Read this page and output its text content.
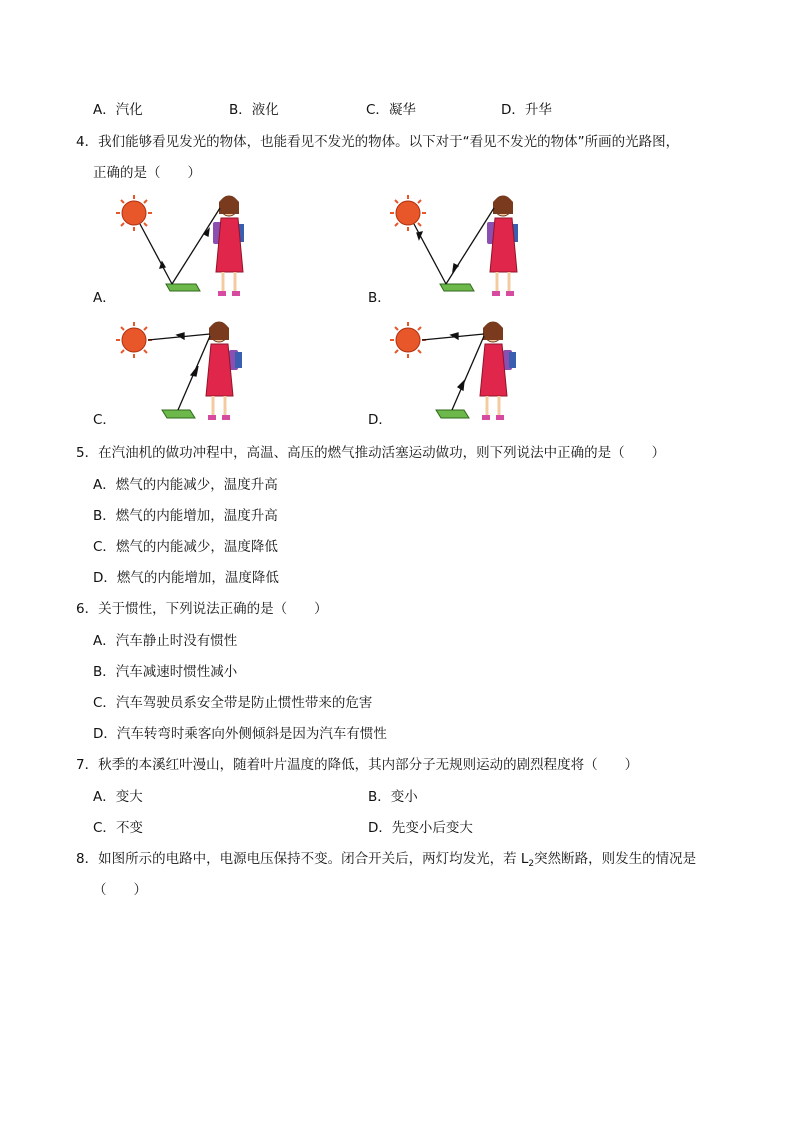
A．汽化	B．液化	C．凝华	D．升华
4．我们能够看见发光的物体，也能看见不发光的物体。以下对于“看见不发光的物体”所画的光路图，
正确的是（　　）
A．	B．
C．	D．
5．在汽油机的做功冲程中，高温、高压的燃气推动活塞运动做功，则下列说法中正确的是（　　）
A．燃气的内能减少，温度升高
B．燃气的内能增加，温度升高
C．燃气的内能减少，温度降低
D．燃气的内能增加，温度降低
6．关于惯性，下列说法正确的是（　　）
A．汽车静止时没有惯性
B．汽车减速时惯性减小
C．汽车驾驶员系安全带是防止惯性带来的危害
D．汽车转弯时乘客向外侧倾斜是因为汽车有惯性
7．秋季的本溪红叶漫山，随着叶片温度的降低，其内部分子无规则运动的剧烈程度将（　　）
A．变大	B．变小
C．不变	D．先变小后变大
8．如图所示的电路中，电源电压保持不变。闭合开关后，两灯均发光，若 $L_2$突然断路，则发生的情况是
（　　）
